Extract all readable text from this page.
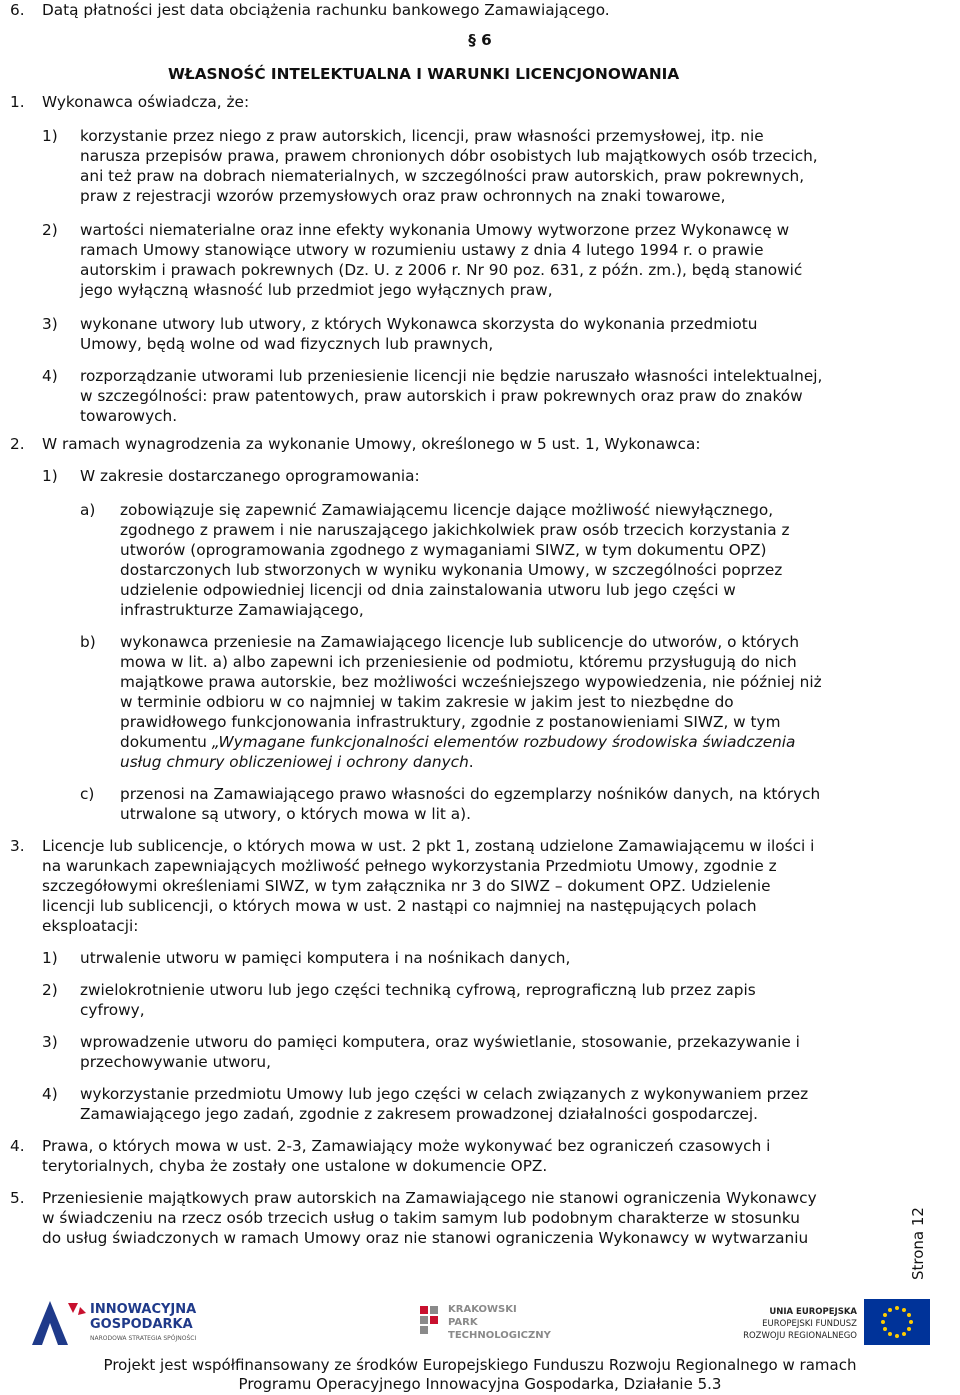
6. Datą płatności jest data obciążenia rachunku bankowego Zamawiającego.
§ 6
WŁASNOŚĆ INTELEKTUALNA I WARUNKI LICENCJONOWANIA
1. Wykonawca oświadcza, że:
1) korzystanie przez niego z praw autorskich, licencji, praw własności przemysłowej, itp. nie
narusza przepisów prawa, prawem chronionych dóbr osobistych lub majątkowych osób trzecich,
ani też praw na dobrach niematerialnych, w szczególności praw autorskich, praw pokrewnych,
praw z rejestracji wzorów przemysłowych oraz praw ochronnych na znaki towarowe,
2) wartości niematerialne oraz inne efekty wykonania Umowy wytworzone przez Wykonawcę w
ramach Umowy stanowiące utwory w rozumieniu ustawy z dnia 4 lutego 1994 r. o prawie
autorskim i prawach pokrewnych (Dz. U. z 2006 r. Nr 90 poz. 631, z późn. zm.), będą stanowić
jego wyłączną własność lub przedmiot jego wyłącznych praw,
3) wykonane utwory lub utwory, z których Wykonawca skorzysta do wykonania przedmiotu
Umowy, będą wolne od wad fizycznych lub prawnych,
4) rozporządzanie utworami lub przeniesienie licencji nie będzie naruszało własności intelektualnej,
w szczególności: praw patentowych, praw autorskich i praw pokrewnych oraz praw do znaków
towarowych.
2. W ramach wynagrodzenia za wykonanie Umowy, określonego w 5 ust. 1, Wykonawca:
1) W zakresie dostarczanego oprogramowania:
a) zobowiązuje się zapewnić Zamawiającemu licencje dające możliwość niewyłącznego,
zgodnego z prawem i nie naruszającego jakichkolwiek praw osób trzecich korzystania z
utworów (oprogramowania zgodnego z wymaganiami SIWZ, w tym dokumentu OPZ)
dostarczonych lub stworzonych w wyniku wykonania Umowy, w szczególności poprzez
udzielenie odpowiedniej licencji od dnia zainstalowania utworu lub jego części w
infrastrukturze Zamawiającego,
b) wykonawca przeniesie na Zamawiającego licencje lub sublicencje do utworów, o których
mowa w lit. a) albo zapewni ich przeniesienie od podmiotu, któremu przysługują do nich
majątkowe prawa autorskie, bez możliwości wcześniejszego wypowiedzenia, nie później niż
w terminie odbioru w co najmniej w takim zakresie w jakim jest to niezbędne do
prawidłowego funkcjonowania infrastruktury, zgodnie z postanowieniami SIWZ, w tym
dokumentu „Wymagane funkcjonalności elementów rozbudowy środowiska świadczenia
usług chmury obliczeniowej i ochrony danych.
c) przenosi na Zamawiającego prawo własności do egzemplarzy nośników danych, na których
utrwalone są utwory, o których mowa w lit a).
3. Licencje lub sublicencje, o których mowa w ust. 2 pkt 1, zostaną udzielone Zamawiającemu w ilości i
na warunkach zapewniających możliwość pełnego wykorzystania Przedmiotu Umowy, zgodnie z
szczegółowymi określeniami SIWZ, w tym załącznika nr 3 do SIWZ – dokument OPZ. Udzielenie
licencji lub sublicencji, o których mowa w ust. 2 nastąpi co najmniej na następujących polach
eksploatacji:
1) utrwalenie utworu w pamięci komputera i na nośnikach danych,
2) zwielokrotnienie utworu lub jego części techniką cyfrową, reprograficzną lub przez zapis
cyfrowy,
3) wprowadzenie utworu do pamięci komputera, oraz wyświetlanie, stosowanie, przekazywanie i
przechowywanie utworu,
4) wykorzystanie przedmiotu Umowy lub jego części w celach związanych z wykonywaniem przez
Zamawiającego jego zadań, zgodnie z zakresem prowadzonej działalności gospodarczej.
4. Prawa, o których mowa w ust. 2-3, Zamawiający może wykonywać bez ograniczeń czasowych i
terytorialnych, chyba że zostały one ustalone w dokumencie OPZ.
5. Przeniesienie majątkowych praw autorskich na Zamawiającego nie stanowi ograniczenia Wykonawcy
w świadczeniu na rzecz osób trzecich usług o takim samym lub podobnym charakterze w stosunku
do usług świadczonych w ramach Umowy oraz nie stanowi ograniczenia Wykonawcy w wytwarzaniu	Strona 12
INNOWACYJNA
GOSPODARKA
NARODOWA STRATEGIA SPÓJNOŚCI
KRAKOWSKI
PARK
TECHNOLOGICZNY
UNIA EUROPEJSKA
EUROPEJSKI FUNDUSZ
ROZWOJU REGIONALNEGO
Projekt jest współfinansowany ze środków Europejskiego Funduszu Rozwoju Regionalnego w ramach
Programu Operacyjnego Innowacyjna Gospodarka, Działanie 5.3
